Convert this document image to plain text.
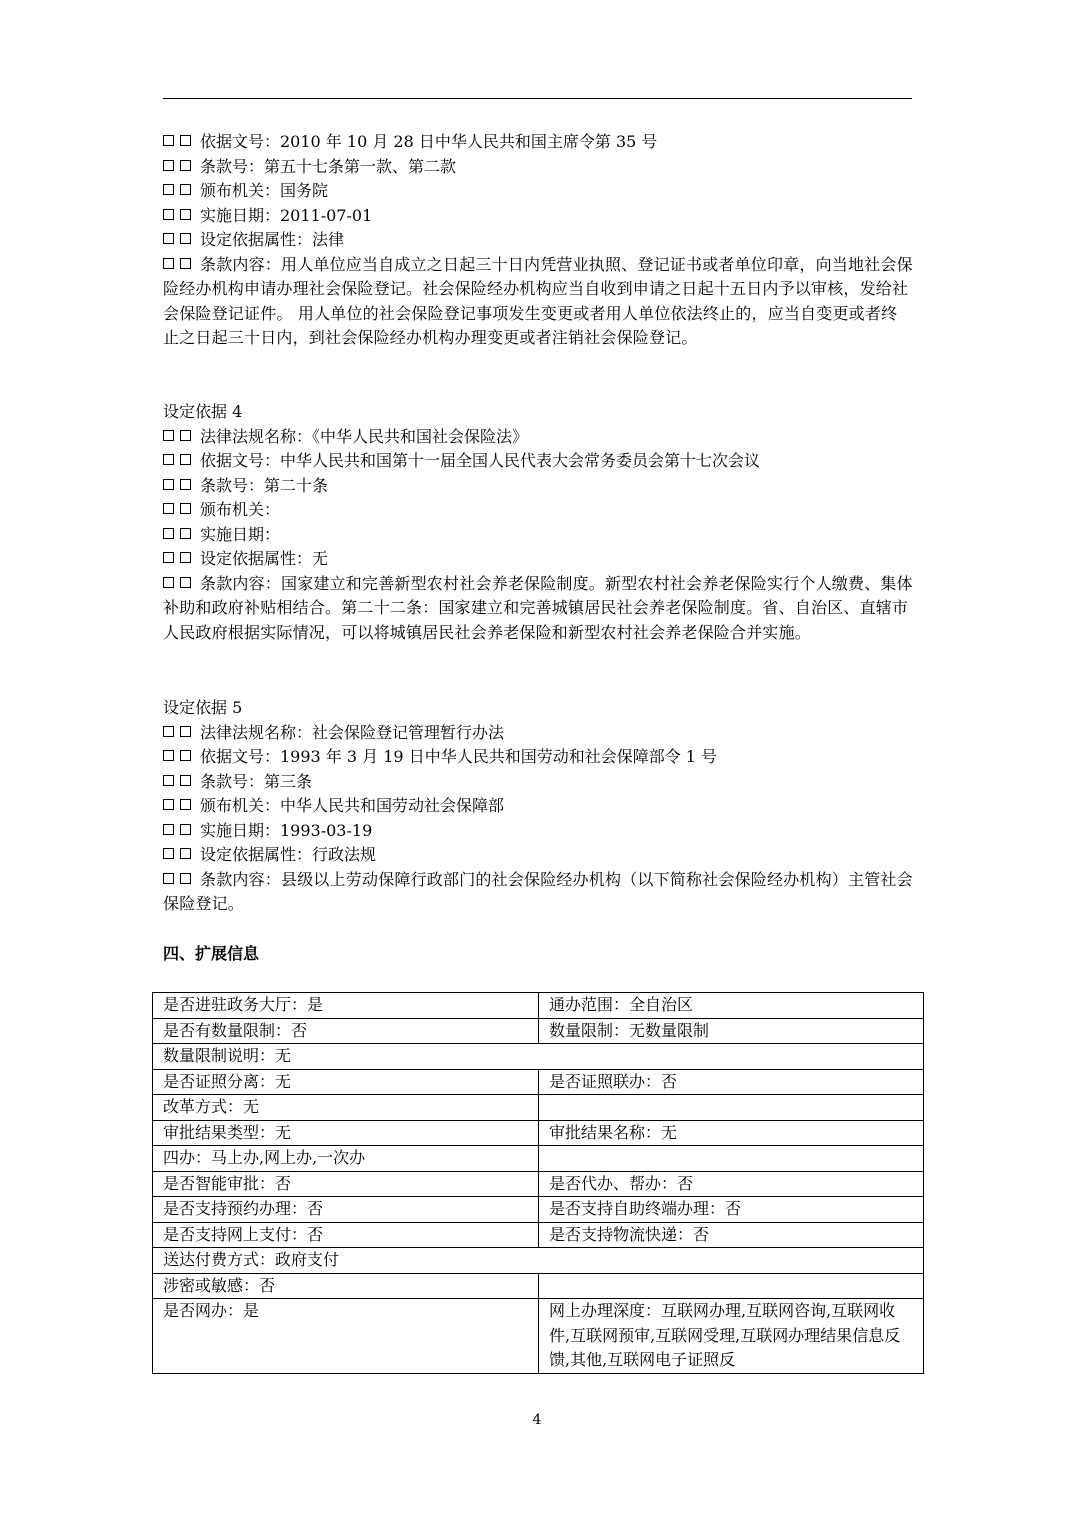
依据文号：2010 年 10 月 28 日中华人民共和国主席令第 35 号
条款号：第五十七条第一款、第二款
颁布机关：国务院
实施日期：2011-07-01
设定依据属性：法律
条款内容：用人单位应当自成立之日起三十日内凭营业执照、登记证书或者单位印章，向当地社会保险经办机构申请办理社会保险登记。社会保险经办机构应当自收到申请之日起十五日内予以审核，发给社会保险登记证件。 用人单位的社会保险登记事项发生变更或者用人单位依法终止的，应当自变更或者终止之日起三十日内，到社会保险经办机构办理变更或者注销社会保险登记。
设定依据 4
法律法规名称：《中华人民共和国社会保险法》
依据文号：中华人民共和国第十一届全国人民代表大会常务委员会第十七次会议
条款号：第二十条
颁布机关：
实施日期：
设定依据属性：无
条款内容：国家建立和完善新型农村社会养老保险制度。新型农村社会养老保险实行个人缴费、集体补助和政府补贴相结合。第二十二条：国家建立和完善城镇居民社会养老保险制度。省、自治区、直辖市人民政府根据实际情况，可以将城镇居民社会养老保险和新型农村社会养老保险合并实施。
设定依据 5
法律法规名称：社会保险登记管理暂行办法
依据文号：1993 年 3 月 19 日中华人民共和国劳动和社会保障部令 1 号
条款号：第三条
颁布机关：中华人民共和国劳动社会保障部
实施日期：1993-03-19
设定依据属性：行政法规
条款内容：县级以上劳动保障行政部门的社会保险经办机构（以下简称社会保险经办机构）主管社会保险登记。
四、扩展信息
是否进驻政务大厅：是	通办范围：全自治区
是否有数量限制：否	数量限制：无数量限制
数量限制说明：无	
是否证照分离：无	是否证照联办：否
改革方式：无	
审批结果类型：无	审批结果名称：无
四办：马上办,网上办,一次办	
是否智能审批：否	是否代办、帮办：否
是否支持预约办理：否	是否支持自助终端办理：否
是否支持网上支付：否	是否支持物流快递：否
送达付费方式：政府支付	
涉密或敏感：否	
是否网办：是	网上办理深度：互联网办理,互联网咨询,互联网收件,互联网预审,互联网受理,互联网办理结果信息反馈,其他,互联网电子证照反
4
